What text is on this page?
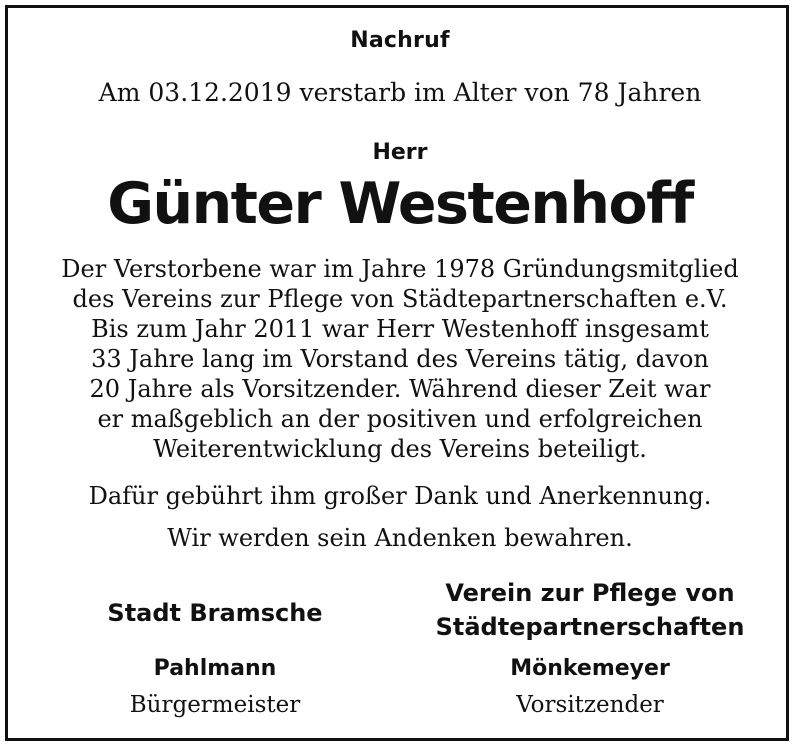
Nachruf
Am 03.12.2019 verstarb im Alter von 78 Jahren
Herr
Günter Westenhoff
Der Verstorbene war im Jahre 1978 Gründungsmitglied
des Vereins zur Pflege von Städtepartnerschaften e.V.
Bis zum Jahr 2011 war Herr Westenhoff insgesamt
33 Jahre lang im Vorstand des Vereins tätig, davon
20 Jahre als Vorsitzender. Während dieser Zeit war
er maßgeblich an der positiven und erfolgreichen
Weiterentwicklung des Vereins beteiligt.
Dafür gebührt ihm großer Dank und Anerkennung.
Wir werden sein Andenken bewahren.
Stadt Bramsche
Pahlmann
Bürgermeister
Verein zur Pflege von
Städtepartnerschaften
Mönkemeyer
Vorsitzender
